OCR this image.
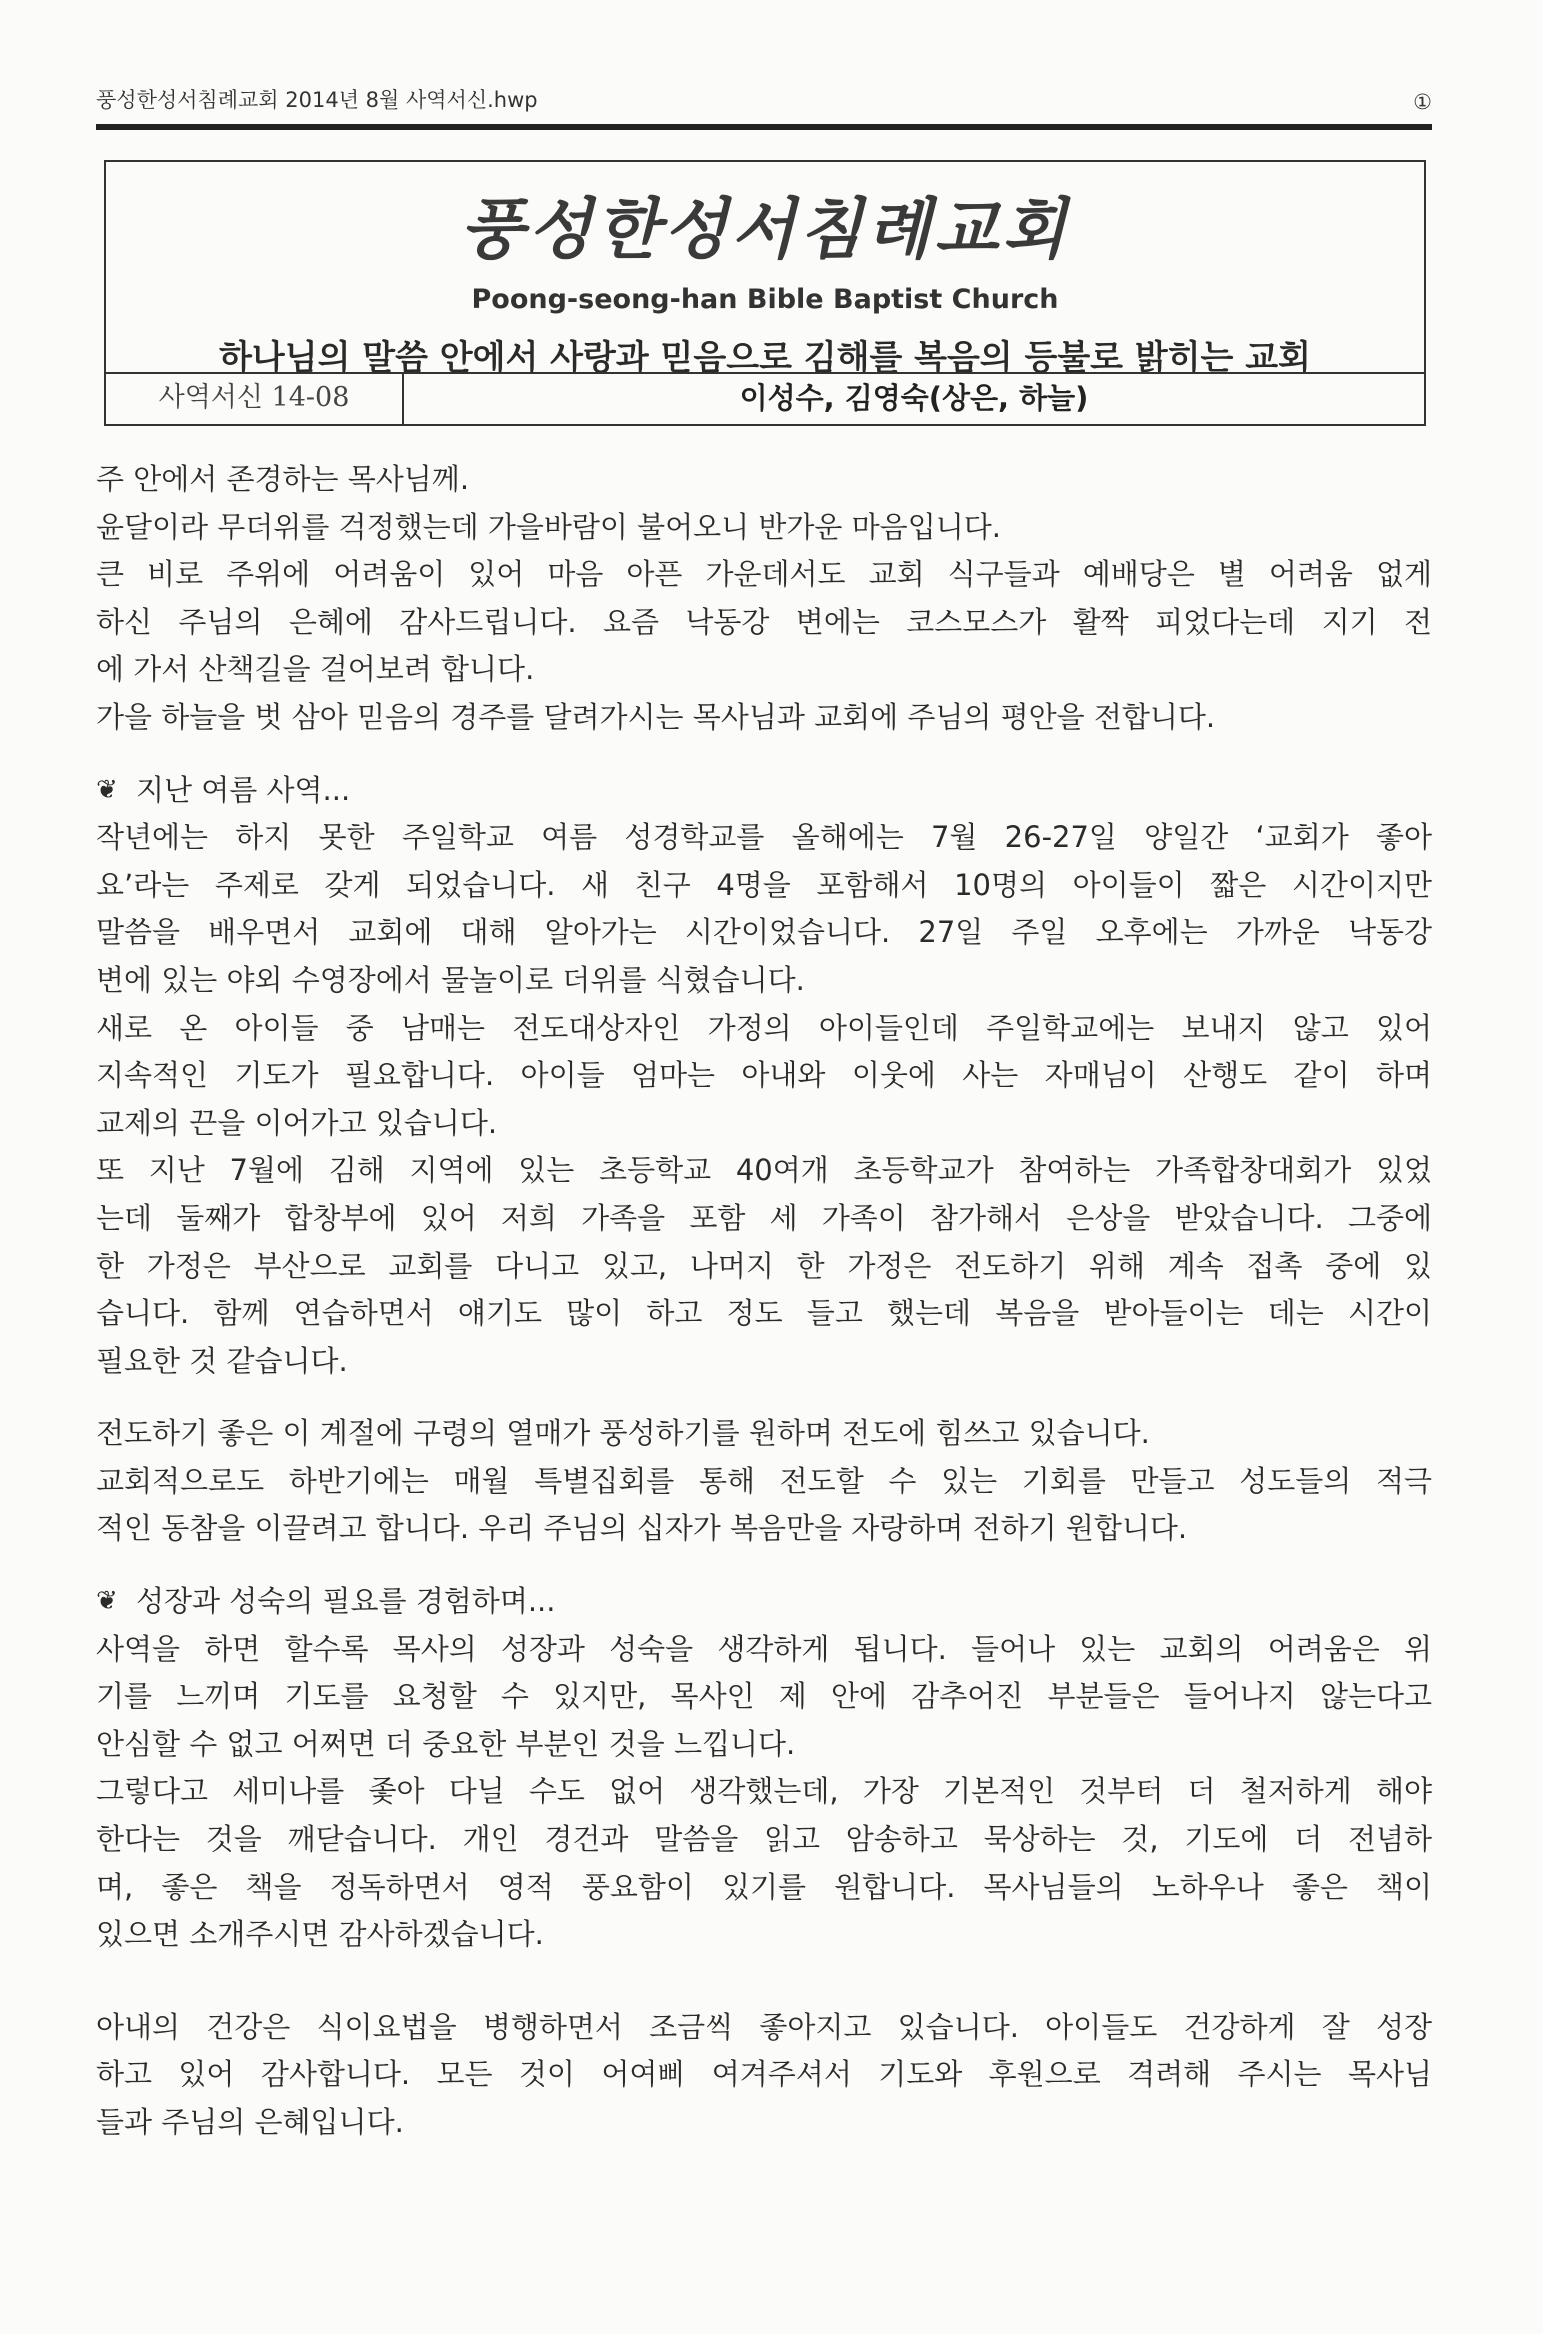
풍성한성서침례교회 2014년 8월 사역서신.hwp	①
풍성한성서침례교회
Poong-seong-han Bible Baptist Church
하나님의 말씀 안에서 사랑과 믿음으로 김해를 복음의 등불로 밝히는 교회
사역서신 14-08	이성수, 김영숙(상은, 하늘)
주 안에서 존경하는 목사님께.
윤달이라 무더위를 걱정했는데 가을바람이 불어오니 반가운 마음입니다.
큰 비로 주위에 어려움이 있어 마음 아픈 가운데서도 교회 식구들과 예배당은 별 어려움 없게
하신 주님의 은혜에 감사드립니다. 요즘 낙동강 변에는 코스모스가 활짝 피었다는데 지기 전
에 가서 산책길을 걸어보려 합니다.
가을 하늘을 벗 삼아 믿음의 경주를 달려가시는 목사님과 교회에 주님의 평안을 전합니다.
❦ 지난 여름 사역...
작년에는 하지 못한 주일학교 여름 성경학교를 올해에는 7월 26-27일 양일간 ‘교회가 좋아
요’라는 주제로 갖게 되었습니다. 새 친구 4명을 포함해서 10명의 아이들이 짧은 시간이지만
말씀을 배우면서 교회에 대해 알아가는 시간이었습니다. 27일 주일 오후에는 가까운 낙동강
변에 있는 야외 수영장에서 물놀이로 더위를 식혔습니다.
새로 온 아이들 중 남매는 전도대상자인 가정의 아이들인데 주일학교에는 보내지 않고 있어
지속적인 기도가 필요합니다. 아이들 엄마는 아내와 이웃에 사는 자매님이 산행도 같이 하며
교제의 끈을 이어가고 있습니다.
또 지난 7월에 김해 지역에 있는 초등학교 40여개 초등학교가 참여하는 가족합창대회가 있었
는데 둘째가 합창부에 있어 저희 가족을 포함 세 가족이 참가해서 은상을 받았습니다. 그중에
한 가정은 부산으로 교회를 다니고 있고, 나머지 한 가정은 전도하기 위해 계속 접촉 중에 있
습니다. 함께 연습하면서 얘기도 많이 하고 정도 들고 했는데 복음을 받아들이는 데는 시간이
필요한 것 같습니다.
전도하기 좋은 이 계절에 구령의 열매가 풍성하기를 원하며 전도에 힘쓰고 있습니다.
교회적으로도 하반기에는 매월 특별집회를 통해 전도할 수 있는 기회를 만들고 성도들의 적극
적인 동참을 이끌려고 합니다. 우리 주님의 십자가 복음만을 자랑하며 전하기 원합니다.
❦ 성장과 성숙의 필요를 경험하며...
사역을 하면 할수록 목사의 성장과 성숙을 생각하게 됩니다. 들어나 있는 교회의 어려움은 위
기를 느끼며 기도를 요청할 수 있지만, 목사인 제 안에 감추어진 부분들은 들어나지 않는다고
안심할 수 없고 어쩌면 더 중요한 부분인 것을 느낍니다.
그렇다고 세미나를 좇아 다닐 수도 없어 생각했는데, 가장 기본적인 것부터 더 철저하게 해야
한다는 것을 깨닫습니다. 개인 경건과 말씀을 읽고 암송하고 묵상하는 것, 기도에 더 전념하
며, 좋은 책을 정독하면서 영적 풍요함이 있기를 원합니다. 목사님들의 노하우나 좋은 책이
있으면 소개주시면 감사하겠습니다.
아내의 건강은 식이요법을 병행하면서 조금씩 좋아지고 있습니다. 아이들도 건강하게 잘 성장
하고 있어 감사합니다. 모든 것이 어여삐 여겨주셔서 기도와 후원으로 격려해 주시는 목사님
들과 주님의 은혜입니다.
